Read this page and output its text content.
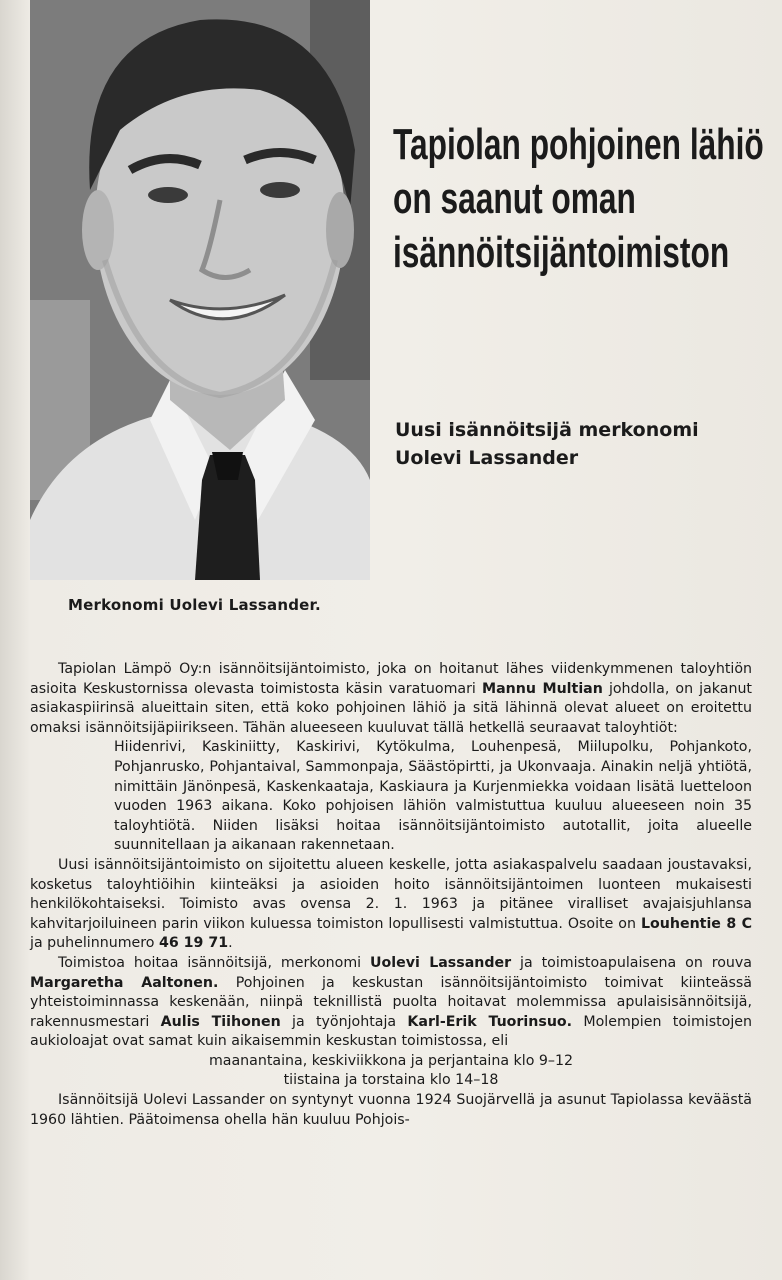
Merkonomi Uolevi Lassander.
Tapiolan pohjoinen lähiö
on saanut oman
isännöitsijäntoimiston
Uusi isännöitsijä merkonomi
Uolevi Lassander

Tapiolan Lämpö Oy:n isännöitsijäntoimisto, joka on hoitanut lähes viidenkymmenen taloyhtiön asioita Keskustornissa olevasta toimistosta käsin varatuomari Mannu Multian johdolla, on jakanut asiakaspiirinsä alueittain siten, että koko pohjoinen lähiö ja sitä lähinnä olevat alueet on eroitettu omaksi isännöitsijäpiirikseen. Tähän alueeseen kuuluvat tällä hetkellä seuraavat taloyhtiöt:

Hiidenrivi, Kaskiniitty, Kaskirivi, Kytökulma, Louhenpesä, Miilupolku, Pohjankoto, Pohjanrusko, Pohjantaival, Sammonpaja, Säästöpirtti, ja Ukonvaaja. Ainakin neljä yhtiötä, nimittäin Jänönpesä, Kaskenkaataja, Kaskiaura ja Kurjenmiekka voidaan lisätä luetteloon vuoden 1963 aikana. Koko pohjoisen lähiön valmistuttua kuuluu alueeseen noin 35 taloyhtiötä. Niiden lisäksi hoitaa isännöitsijäntoimisto autotallit, joita alueelle suunnitellaan ja aikanaan rakennetaan.

Uusi isännöitsijäntoimisto on sijoitettu alueen keskelle, jotta asiakaspalvelu saadaan joustavaksi, kosketus taloyhtiöihin kiinteäksi ja asioiden hoito isännöitsijäntoimen luonteen mukaisesti henkilökohtaiseksi. Toimisto avas ovensa 2. 1. 1963 ja pitänee viralliset avajaisjuhlansa kahvitarjoiluineen parin viikon kuluessa toimiston lopullisesti valmistuttua. Osoite on Louhentie 8 C ja puhelinnumero 46 19 71.

Toimistoa hoitaa isännöitsijä, merkonomi Uolevi Lassander ja toimistoapulaisena on rouva Margaretha Aaltonen. Pohjoinen ja keskustan isännöitsijäntoimisto toimivat kiinteässä yhteistoiminnassa keskenään, niinpä teknillistä puolta hoitavat molemmissa apulaisisännöitsijä, rakennusmestari Aulis Tiihonen ja työnjohtaja Karl-Erik Tuorinsuo. Molempien toimistojen aukioloajat ovat samat kuin aikaisemmin keskustan toimistossa, eli

maanantaina, keskiviikkona ja perjantaina klo 9–12

tiistaina ja torstaina klo 14–18

Isännöitsijä Uolevi Lassander on syntynyt vuonna 1924 Suojärvellä ja asunut Tapiolassa keväästä 1960 lähtien. Päätoimensa ohella hän kuuluu Pohjois-
